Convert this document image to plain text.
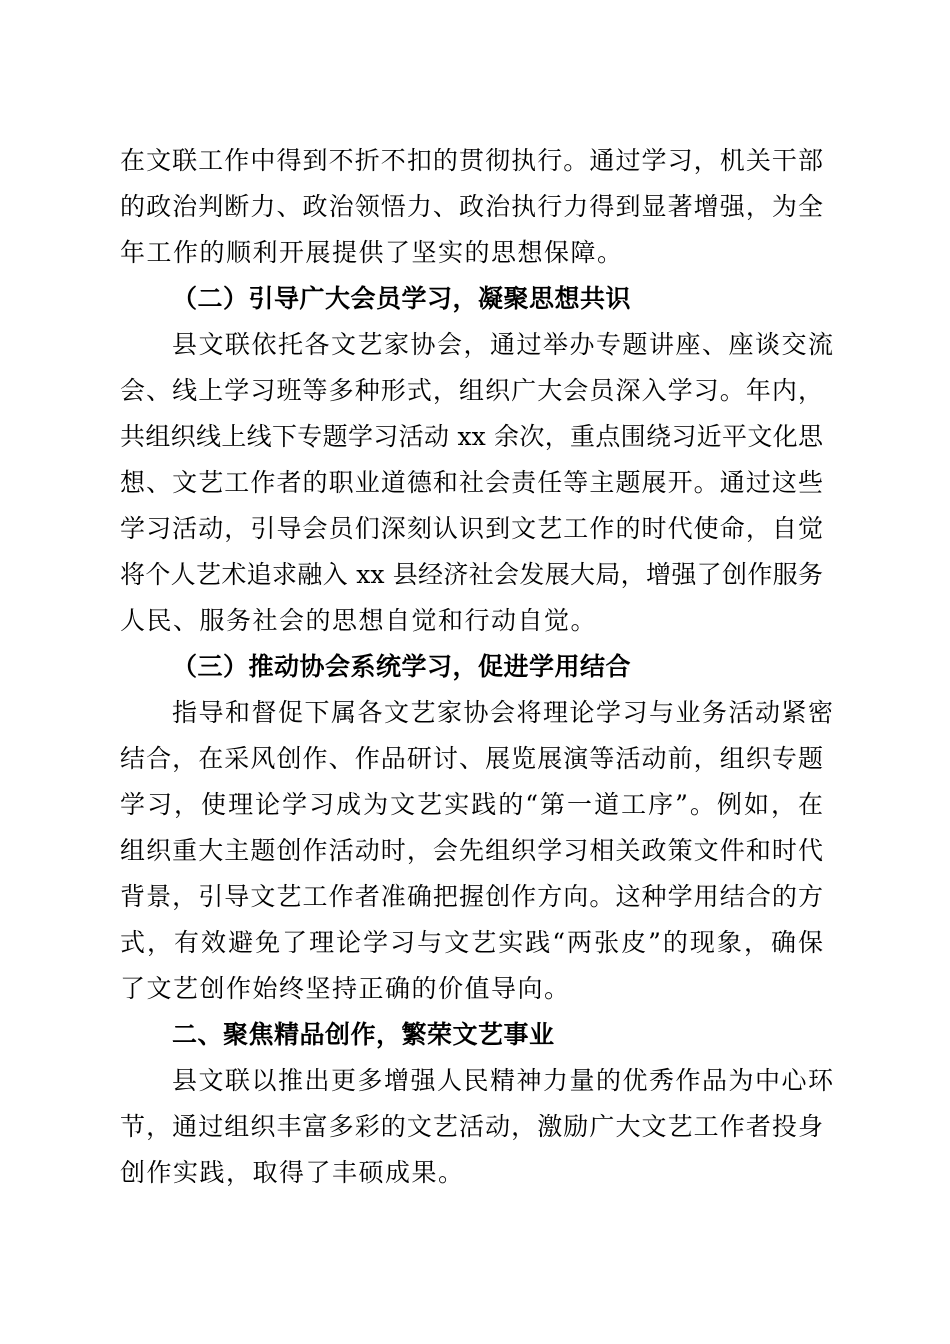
在文联工作中得到不折不扣的贯彻执行。通过学习，机关干部
的政治判断力、政治领悟力、政治执行力得到显著增强，为全
年工作的顺利开展提供了坚实的思想保障。
（二）引导广大会员学习，凝聚思想共识
县文联依托各文艺家协会，通过举办专题讲座、座谈交流
会、线上学习班等多种形式，组织广大会员深入学习。年内，
共组织线上线下专题学习活动 xx 余次，重点围绕习近平文化思
想、文艺工作者的职业道德和社会责任等主题展开。通过这些
学习活动，引导会员们深刻认识到文艺工作的时代使命，自觉
将个人艺术追求融入 xx 县经济社会发展大局，增强了创作服务
人民、服务社会的思想自觉和行动自觉。
（三）推动协会系统学习，促进学用结合
指导和督促下属各文艺家协会将理论学习与业务活动紧密
结合，在采风创作、作品研讨、展览展演等活动前，组织专题
学习，使理论学习成为文艺实践的“第一道工序”。例如，在
组织重大主题创作活动时，会先组织学习相关政策文件和时代
背景，引导文艺工作者准确把握创作方向。这种学用结合的方
式，有效避免了理论学习与文艺实践“两张皮”的现象，确保
了文艺创作始终坚持正确的价值导向。
二、聚焦精品创作，繁荣文艺事业
县文联以推出更多增强人民精神力量的优秀作品为中心环
节，通过组织丰富多彩的文艺活动，激励广大文艺工作者投身
创作实践，取得了丰硕成果。
